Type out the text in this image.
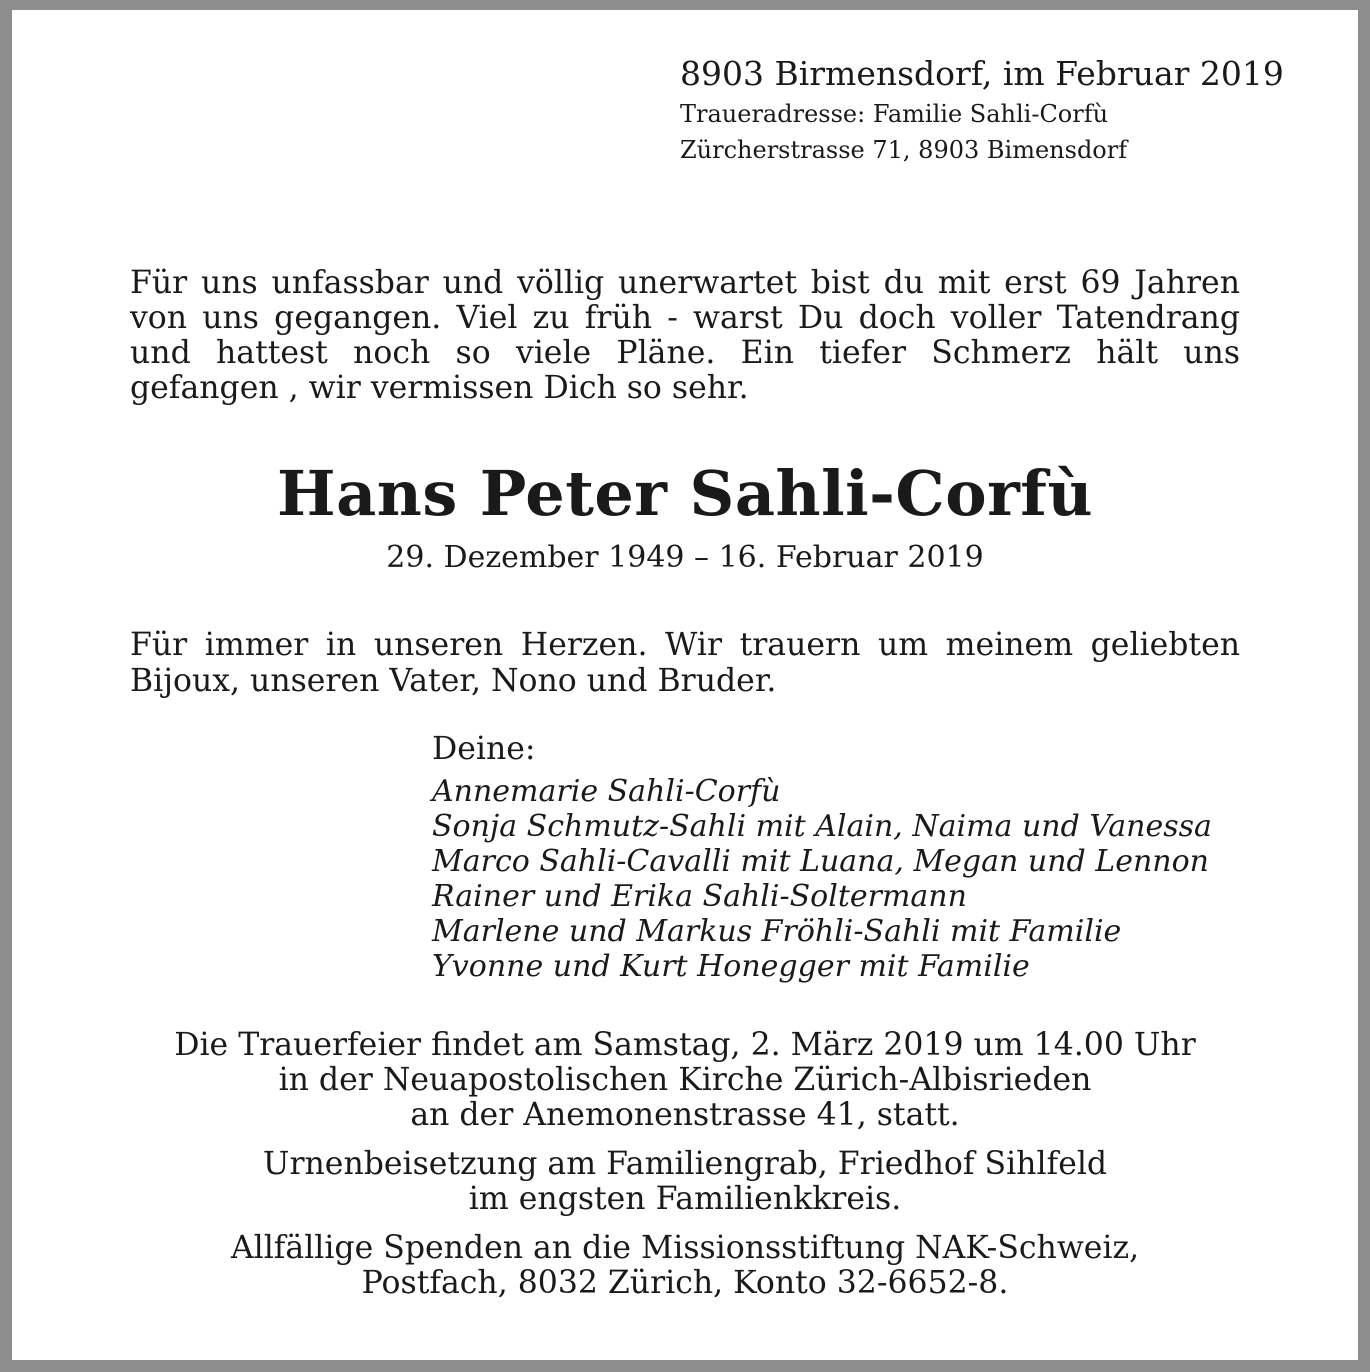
8903 Birmensdorf, im Februar 2019
Traueradresse: Familie Sahli-Corfù
Zürcherstrasse 71, 8903 Bimensdorf
Für uns unfassbar und völlig unerwartet bist du mit erst 69 Jahren von uns gegangen. Viel zu früh - warst Du doch voller Tatendrang und hattest noch so viele Pläne. Ein tiefer Schmerz hält uns gefangen , wir vermissen Dich so sehr.
Hans Peter Sahli-Corfù
29. Dezember 1949 – 16. Februar 2019
Für immer in unseren Herzen. Wir trauern um meinem geliebten Bijoux, unseren Vater, Nono und Bruder.
Deine:
Annemarie Sahli-Corfù
Sonja Schmutz-Sahli mit Alain, Naima und Vanessa
Marco Sahli-Cavalli mit Luana, Megan und Lennon
Rainer und Erika Sahli-Soltermann
Marlene und Markus Fröhli-Sahli mit Familie
Yvonne und Kurt Honegger mit Familie
Die Trauerfeier findet am Samstag, 2. März 2019 um 14.00 Uhr
in der Neuapostolischen Kirche Zürich-Albisrieden
an der Anemonenstrasse 41, statt.
Urnenbeisetzung am Familiengrab, Friedhof Sihlfeld
im engsten Familienkkreis.
Allfällige Spenden an die Missionsstiftung NAK-Schweiz,
Postfach, 8032 Zürich, Konto 32-6652-8.
